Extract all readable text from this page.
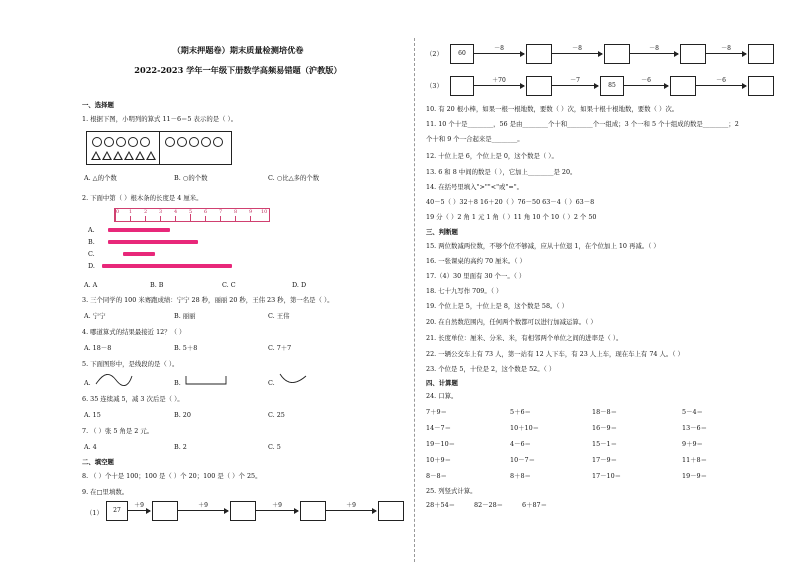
（期末押题卷）期末质量检测培优卷
2022-2023 学年一年级下册数学高频易错题（沪教版）
一、选择题
1. 根据下图，小明列的算式 11－6＝5 表示的是（ ）。
A. △的个数	B. ○的个数	C. ○比△多的个数
2. 下面中第（ ）根木条的长度是 4 厘米。
0 1 2 3 4 5 6 7 8 9 10
A.
B.
C.
D.
A. A	B. B	C. C	D. D
3. 三个同学的 100 米赛跑成绩：宁宁 28 秒，丽丽 20 秒，王伟 23 秒，第一名是（ ）。
A. 宁宁	B. 丽丽	C. 王伟
4. 哪道算式的结果最接近 12？（ ）
A. 18－8	B. 5＋8	C. 7＋7
5. 下面图形中，是线段的是（ ）。
A.	B.	C.
6. 35 连续减 5，减 3 次后是（ ）。
A. 15	B. 20	C. 25
7. （ ）张 5 角是 2 元。
A. 4	B. 2	C. 5
二、填空题
8. （ ）个十是 100；100 是（ ）个 20；100 是（ ）个 25。
9. 在□里填数。
（1）	27
＋9	＋9	＋9	＋9
（2）	60
－8	－8	－8	－8
（3）
＋70	－7
85
－6	－6
10. 有 20 根小棒，如果一根一根地数，要数（ ）次，如果十根十根地数，要数（ ）次。
11. 10 个十是________，56 是由________个十和________个一组成；3 个一和 5 个十组成的数是________；2
个十和 9 个一合起来是________。
12. 十位上是 6，个位上是 0，这个数是（ ）。
13. 6 和 8 中间的数是（ ），它加上________是 20。
14. 在括号里填入">""<"或"="。
40－5（ ）32＋8 16＋20（ ）76－50 63－4（ ）63－8
19 分（ ）2 角 1 元 1 角（ ）11 角 10 个 10（ ）2 个 50
三、判断题
15. 两位数减两位数，不够个位不够减，应从十位退 1，在个位加上 10 再减。（ ）
16. 一张课桌的高约 70 厘米。（ ）
17.（4）30 里面有 30 个一。（ ）
18. 七十九写作 709。（ ）
19. 个位上是 5，十位上是 8，这个数是 58。（ ）
20. 在自然数范围内，任何两个数都可以进行加减运算。（ ）
21. 长度单位：厘米、分米、米，有相邻两个单位之间的进率是（ ）。
22. 一辆公交车上有 73 人，第一站有 12 人下车，有 23 人上车，现在车上有 74 人。（ ）
23. 个位是 5，十位是 2，这个数是 52。（ ）
四、计算题
24. 口算。
7＋9＝	5＋6＝	18－8＝	5－4＝
14－7＝	10＋10＝	16－9＝	13－6＝
19－10＝	4－6＝	15－1＝	9＋9＝
10＋9＝	10－7＝	17－9＝	11＋8＝
8－8＝	8＋8＝	17－10＝	19－9＝
25. 列竖式计算。
28＋54＝	82－28＝	6＋87＝
